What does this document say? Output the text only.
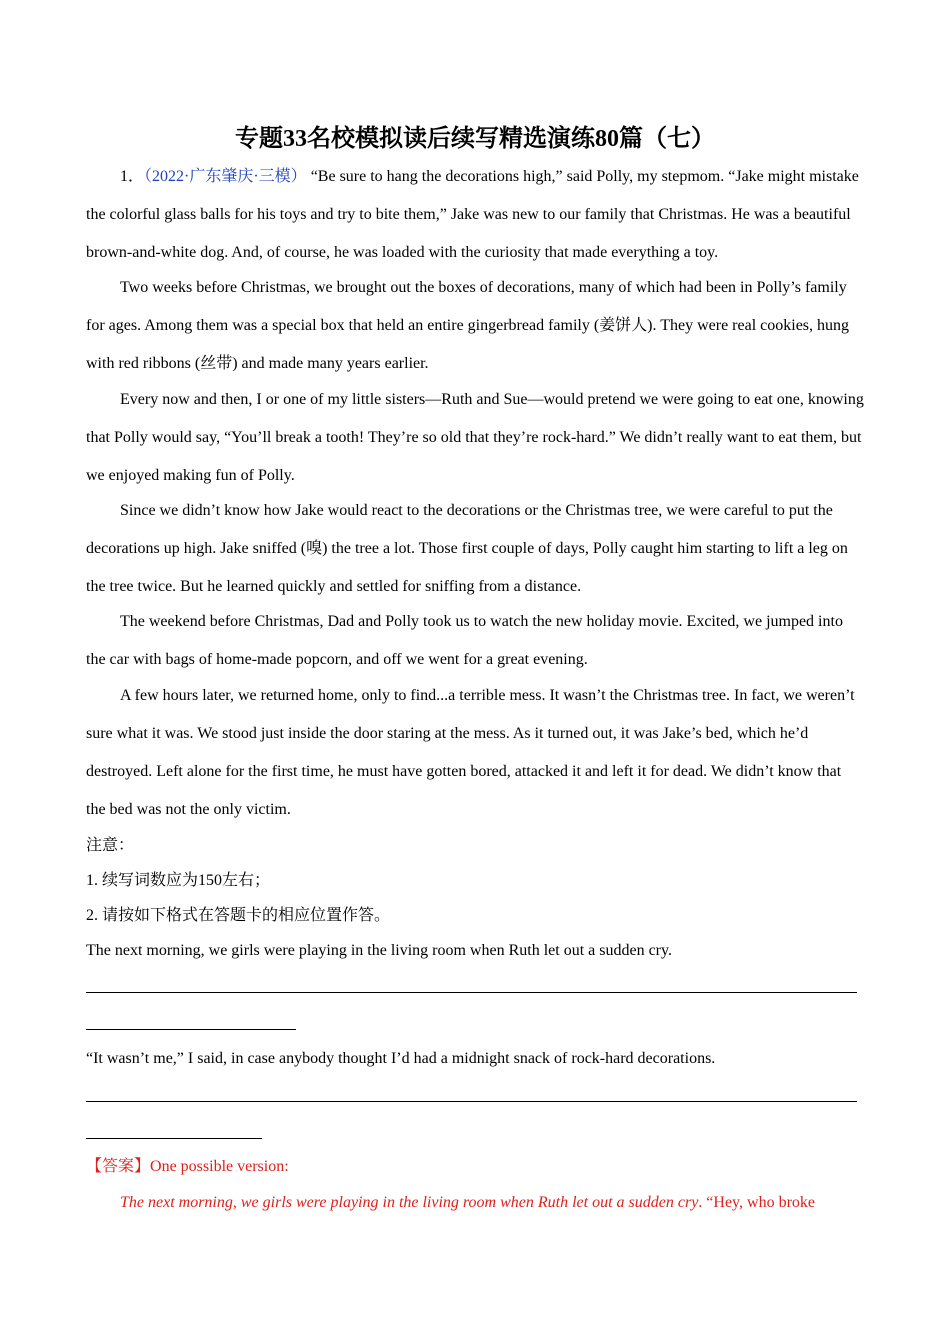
专题33名校模拟读后续写精选演练80篇（七）

1．（2022·广东肇庆·三模） “Be sure to hang the decorations high,” said Polly, my stepmom. “Jake might mistake the colorful glass balls for his toys and try to bite them,” Jake was new to our family that Christmas. He was a beautiful brown-and-white dog. And, of course, he was loaded with the curiosity that made everything a toy.

Two weeks before Christmas, we brought out the boxes of decorations, many of which had been in Polly’s family for ages. Among them was a special box that held an entire gingerbread family (姜饼人). They were real cookies, hung with red ribbons (丝带) and made many years earlier.

Every now and then, I or one of my little sisters—Ruth and Sue—would pretend we were going to eat one, knowing that Polly would say, “You’ll break a tooth! They’re so old that they’re rock-hard.” We didn’t really want to eat them, but we enjoyed making fun of Polly.

Since we didn’t know how Jake would react to the decorations or the Christmas tree, we were careful to put the decorations up high. Jake sniffed (嗅) the tree a lot. Those first couple of days, Polly caught him starting to lift a leg on the tree twice. But he learned quickly and settled for sniffing from a distance.

The weekend before Christmas, Dad and Polly took us to watch the new holiday movie. Excited, we jumped into the car with bags of home-made popcorn, and off we went for a great evening.

A few hours later, we returned home, only to find...a terrible mess. It wasn’t the Christmas tree. In fact, we weren’t sure what it was. We stood just inside the door staring at the mess. As it turned out, it was Jake’s bed, which he’d destroyed. Left alone for the first time, he must have gotten bored, attacked it and left it for dead. We didn’t know that the bed was not the only victim.

注意：

1. 续写词数应为150左右；

2. 请按如下格式在答题卡的相应位置作答。

The next morning, we girls were playing in the living room when Ruth let out a sudden cry.

“It wasn’t me,” I said, in case anybody thought I’d had a midnight snack of rock-hard decorations.

【答案】One possible version:

The next morning, we girls were playing in the living room when Ruth let out a sudden cry. “Hey, who broke
